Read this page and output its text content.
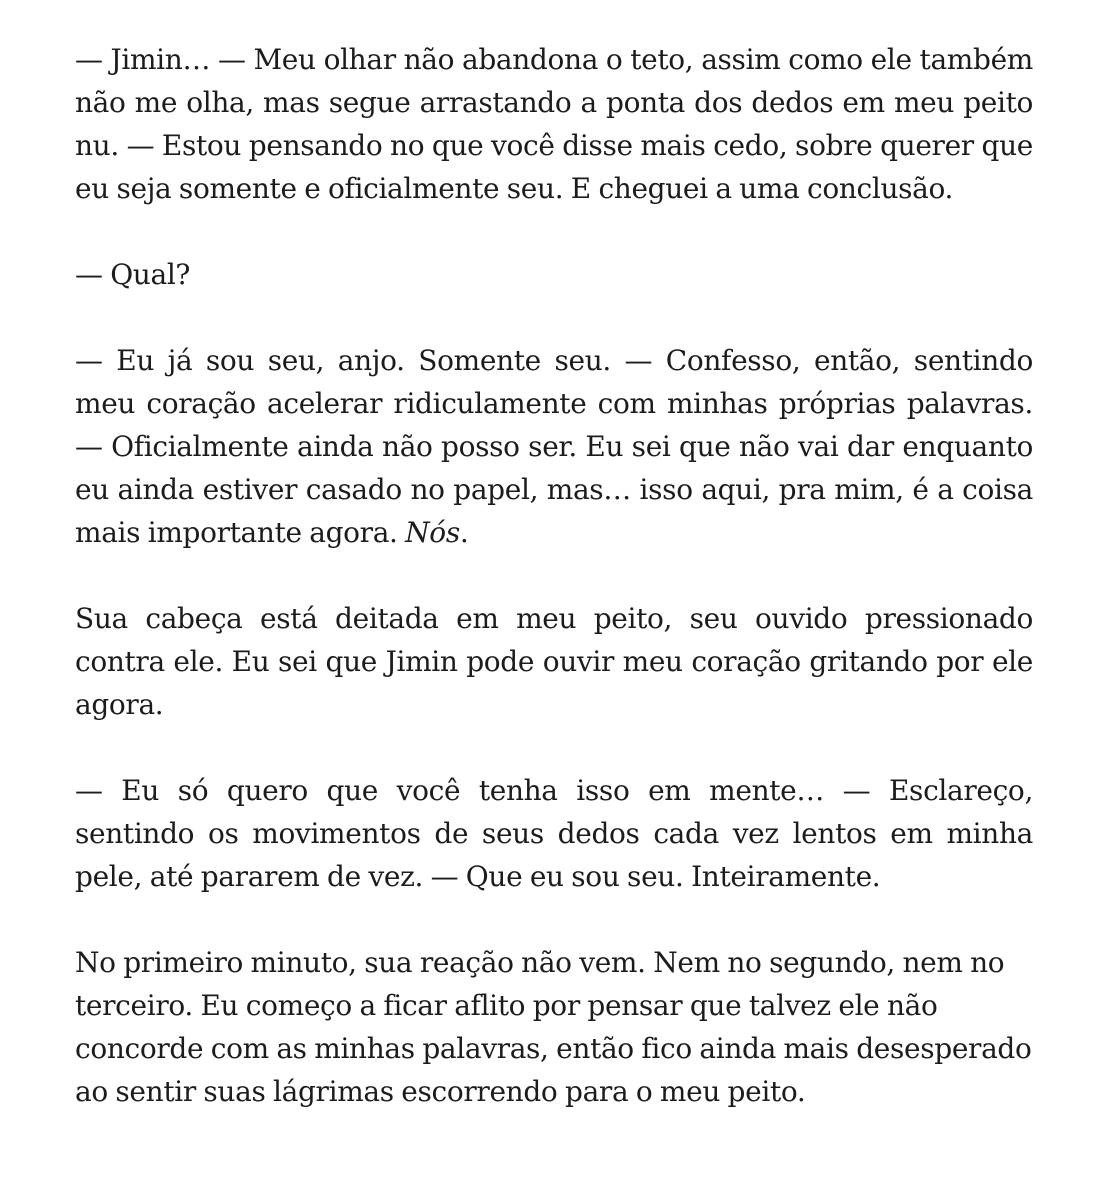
— Jimin… — Meu olhar não abandona o teto, assim como ele também não me olha, mas segue arrastando a ponta dos dedos em meu peito nu. — Estou pensando no que você disse mais cedo, sobre querer que eu seja somente e oficialmente seu. E cheguei a uma conclusão.

— Qual?

— Eu já sou seu, anjo. Somente seu. — Confesso, então, sentindo meu coração acelerar ridiculamente com minhas próprias palavras. — Oficialmente ainda não posso ser. Eu sei que não vai dar enquanto eu ainda estiver casado no papel, mas… isso aqui, pra mim, é a coisa mais importante agora. Nós.

Sua cabeça está deitada em meu peito, seu ouvido pressionado contra ele. Eu sei que Jimin pode ouvir meu coração gritando por ele agora.

— Eu só quero que você tenha isso em mente… — Esclareço, sentindo os movimentos de seus dedos cada vez lentos em minha pele, até pararem de vez. — Que eu sou seu. Inteiramente.

No primeiro minuto, sua reação não vem. Nem no segundo, nem no terceiro. Eu começo a ficar aflito por pensar que talvez ele não concorde com as minhas palavras, então fico ainda mais desesperado ao sentir suas lágrimas escorrendo para o meu peito.
